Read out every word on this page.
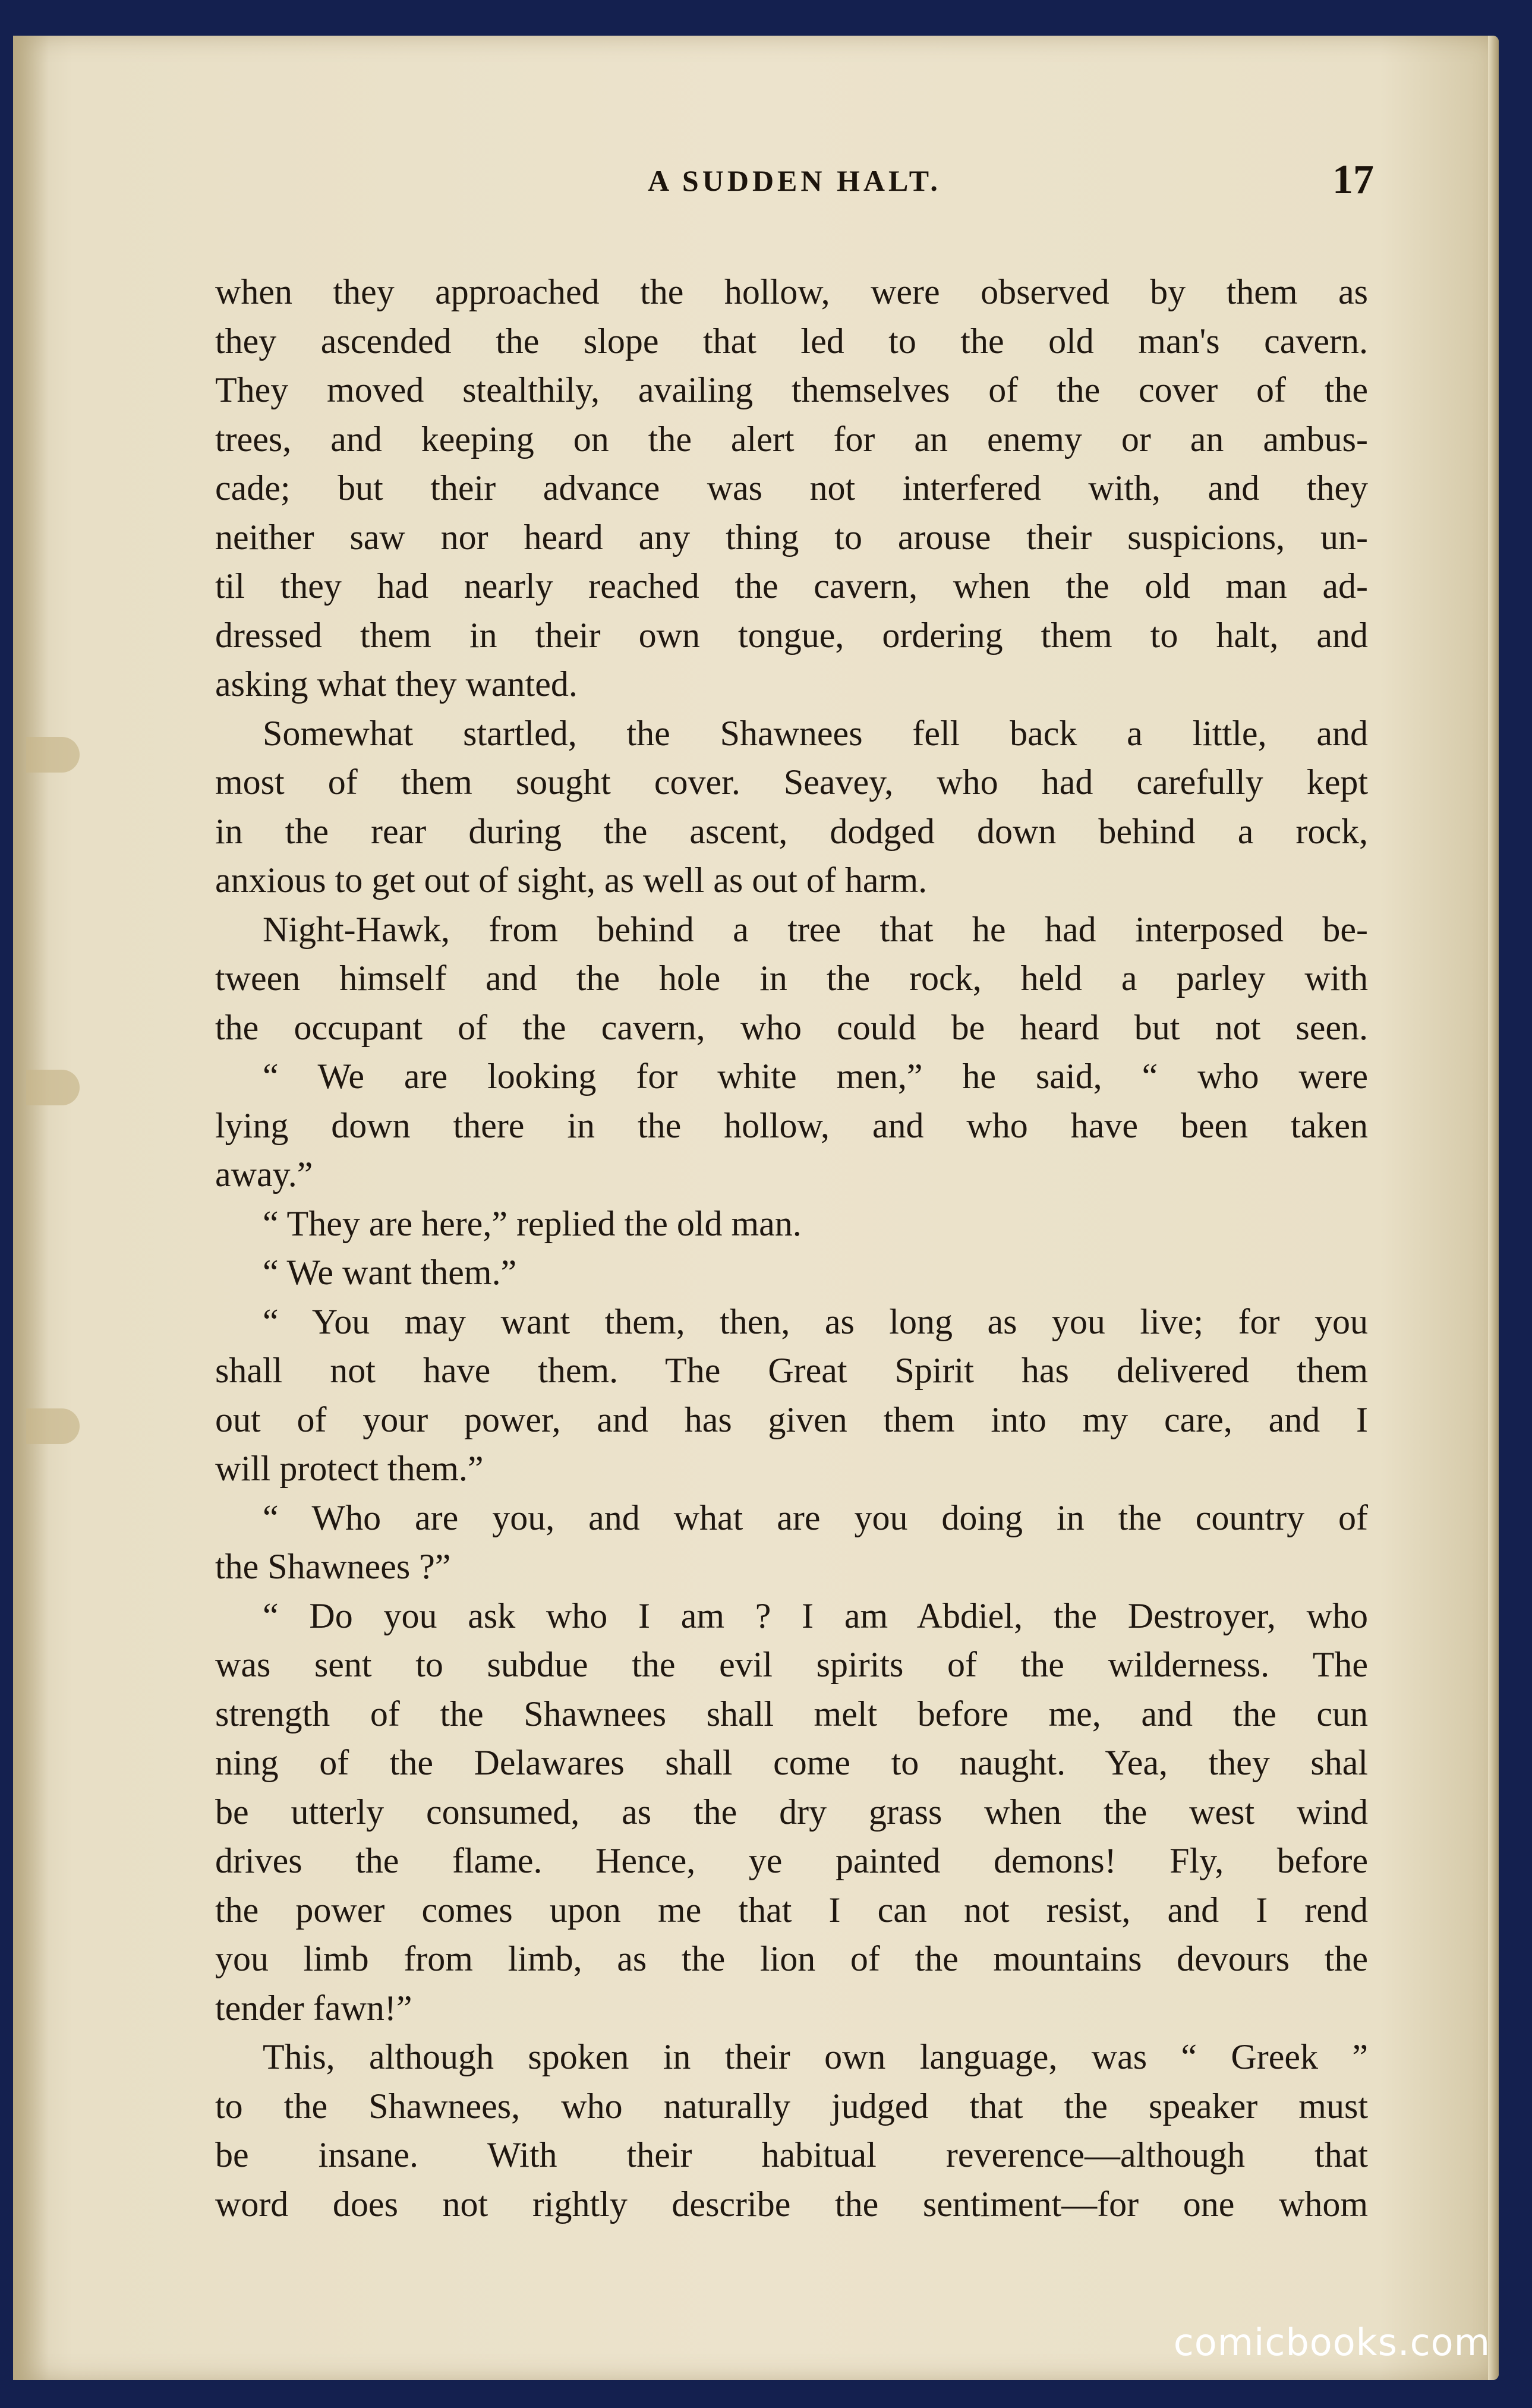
A SUDDEN HALT.	17
when they approached the hollow, were observed by them as
they ascended the slope that led to the old man's cavern.
They moved stealthily, availing themselves of the cover of the
trees, and keeping on the alert for an enemy or an ambus-
cade; but their advance was not interfered with, and they
neither saw nor heard any thing to arouse their suspicions, un-
til they had nearly reached the cavern, when the old man ad-
dressed them in their own tongue, ordering them to halt, and
asking what they wanted.
Somewhat startled, the Shawnees fell back a little, and
most of them sought cover. Seavey, who had carefully kept
in the rear during the ascent, dodged down behind a rock,
anxious to get out of sight, as well as out of harm.
Night-Hawk, from behind a tree that he had interposed be-
tween himself and the hole in the rock, held a parley with
the occupant of the cavern, who could be heard but not seen.
“ We are looking for white men,” he said, “ who were
lying down there in the hollow, and who have been taken
away.”
“ They are here,” replied the old man.
“ We want them.”
“ You may want them, then, as long as you live; for you
shall not have them. The Great Spirit has delivered them
out of your power, and has given them into my care, and I
will protect them.”
“ Who are you, and what are you doing in the country of
the Shawnees ?”
“ Do you ask who I am ? I am Abdiel, the Destroyer, who
was sent to subdue the evil spirits of the wilderness. The
strength of the Shawnees shall melt before me, and the cun
ning of the Delawares shall come to naught. Yea, they shal
be utterly consumed, as the dry grass when the west wind
drives the flame. Hence, ye painted demons! Fly, before
the power comes upon me that I can not resist, and I rend
you limb from limb, as the lion of the mountains devours the
tender fawn!”
This, although spoken in their own language, was “ Greek ”
to the Shawnees, who naturally judged that the speaker must
be insane. With their habitual reverence—although that
word does not rightly describe the sentiment—for one whom
comicbooks.com
